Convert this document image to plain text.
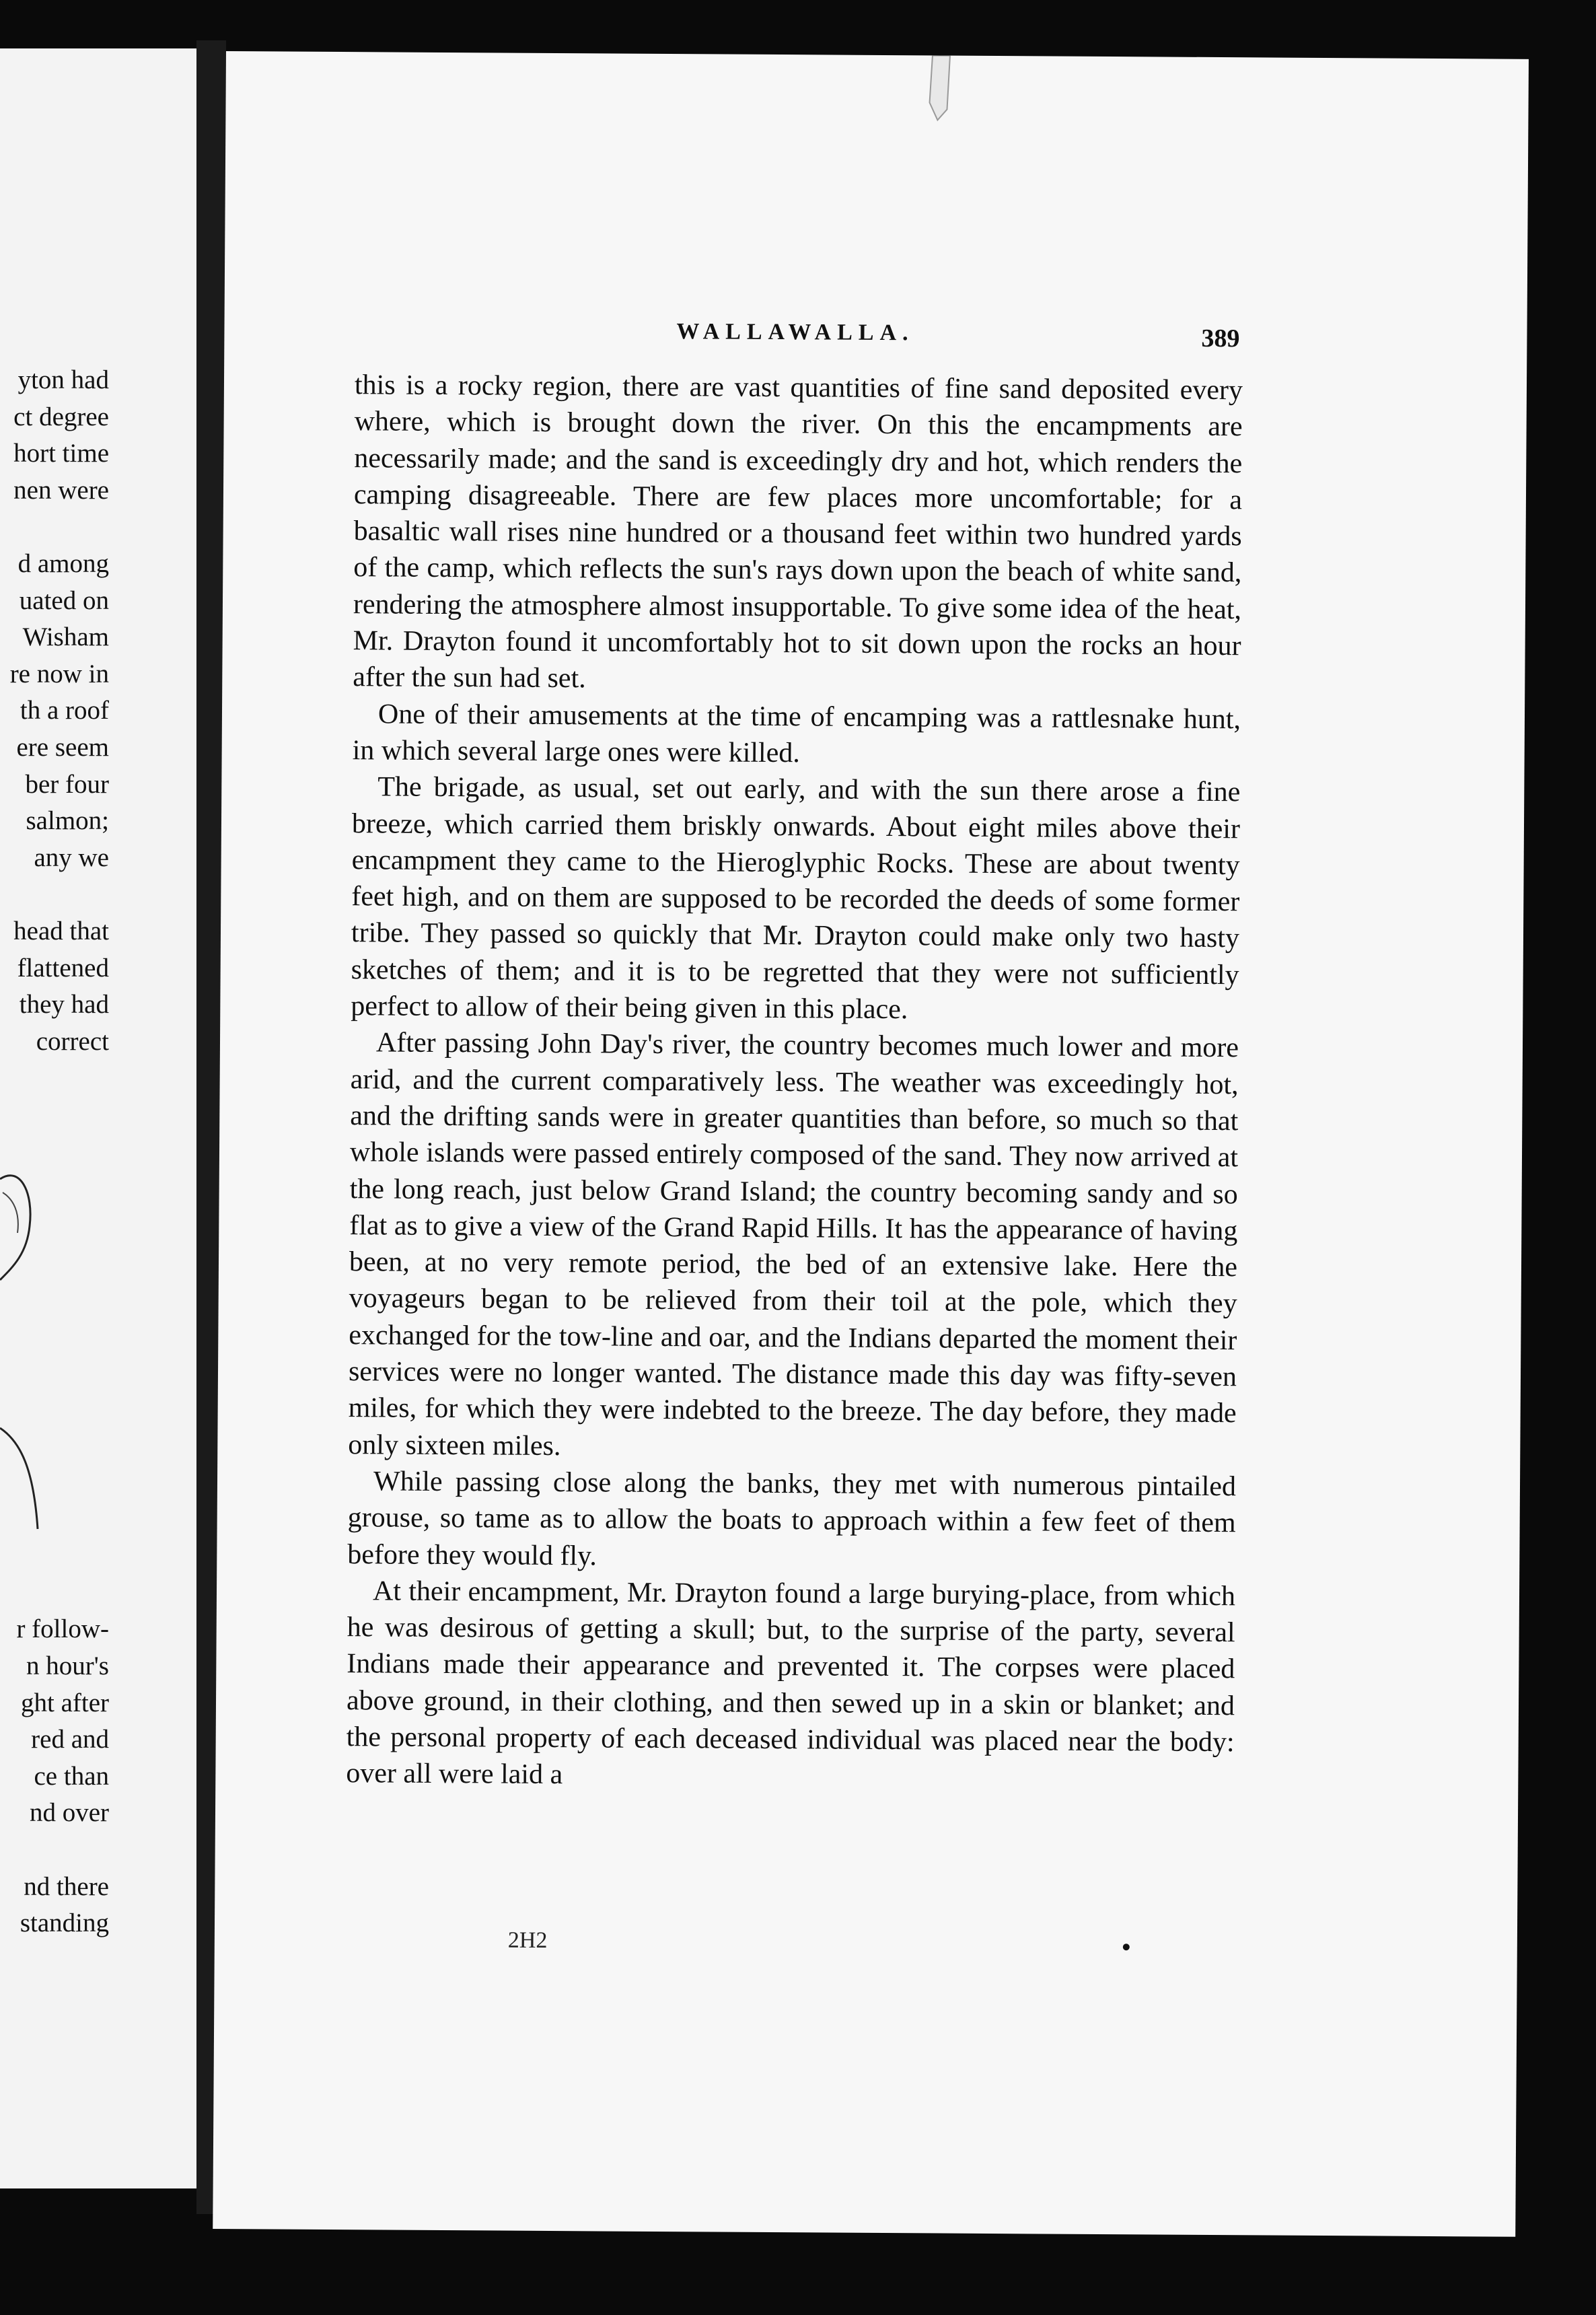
yton had
ct degree
hort time
nen were
d among
uated on
Wisham
re now in
th a roof
ere seem
ber four
salmon;
any we
head that
flattened
they had
correct
r follow-
n hour's
ght after
red and
ce than
nd over
nd there
standing
WALLAWALLA.	389

this is a rocky region, there are vast quantities of fine sand deposited every where, which is brought down the river. On this the encampments are necessarily made; and the sand is exceedingly dry and hot, which renders the camping disagreeable. There are few places more uncomfortable; for a basaltic wall rises nine hundred or a thousand feet within two hundred yards of the camp, which reflects the sun's rays down upon the beach of white sand, rendering the atmosphere almost insupportable. To give some idea of the heat, Mr. Drayton found it uncomfortably hot to sit down upon the rocks an hour after the sun had set.

One of their amusements at the time of encamping was a rattlesnake hunt, in which several large ones were killed.

The brigade, as usual, set out early, and with the sun there arose a fine breeze, which carried them briskly onwards. About eight miles above their encampment they came to the Hieroglyphic Rocks. These are about twenty feet high, and on them are supposed to be recorded the deeds of some former tribe. They passed so quickly that Mr. Drayton could make only two hasty sketches of them; and it is to be regretted that they were not sufficiently perfect to allow of their being given in this place.

After passing John Day's river, the country becomes much lower and more arid, and the current comparatively less. The weather was exceedingly hot, and the drifting sands were in greater quantities than before, so much so that whole islands were passed entirely composed of the sand. They now arrived at the long reach, just below Grand Island; the country becoming sandy and so flat as to give a view of the Grand Rapid Hills. It has the appearance of having been, at no very remote period, the bed of an extensive lake. Here the voyageurs began to be relieved from their toil at the pole, which they exchanged for the tow-line and oar, and the Indians departed the moment their services were no longer wanted. The distance made this day was fifty-seven miles, for which they were indebted to the breeze. The day before, they made only sixteen miles.

While passing close along the banks, they met with numerous pintailed grouse, so tame as to allow the boats to approach within a few feet of them before they would fly.

At their encampment, Mr. Drayton found a large burying-place, from which he was desirous of getting a skull; but, to the surprise of the party, several Indians made their appearance and prevented it. The corpses were placed above ground, in their clothing, and then sewed up in a skin or blanket; and the personal property of each deceased individual was placed near the body: over all were laid a

2H2
